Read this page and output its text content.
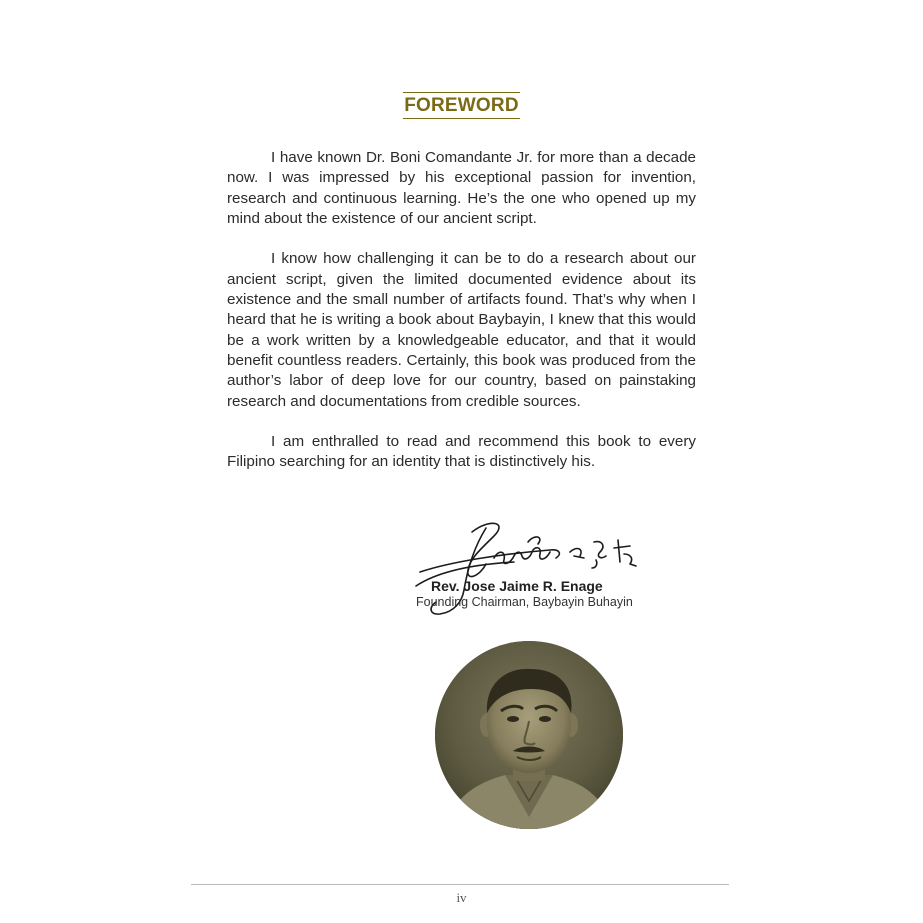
FOREWORD

I have known Dr. Boni Comandante Jr. for more than a decade now. I was impressed by his exceptional passion for invention, research and continuous learning. He’s the one who opened up my mind about the existence of our ancient script.

I know how challenging it can be to do a research about our ancient script, given the limited documented evidence about its existence and the small number of artifacts found. That’s why when I heard that he is writing a book about Baybayin, I knew that this would be a work written by a knowledgeable educator, and that it would benefit countless readers. Certainly, this book was produced from the author’s labor of deep love for our country, based on painstaking research and documentations from credible sources.

I am enthralled to read and recommend this book to every Filipino searching for an identity that is distinctively his.

Rev. Jose Jaime R. Enage
Founding Chairman, Baybayin Buhayin
iv
